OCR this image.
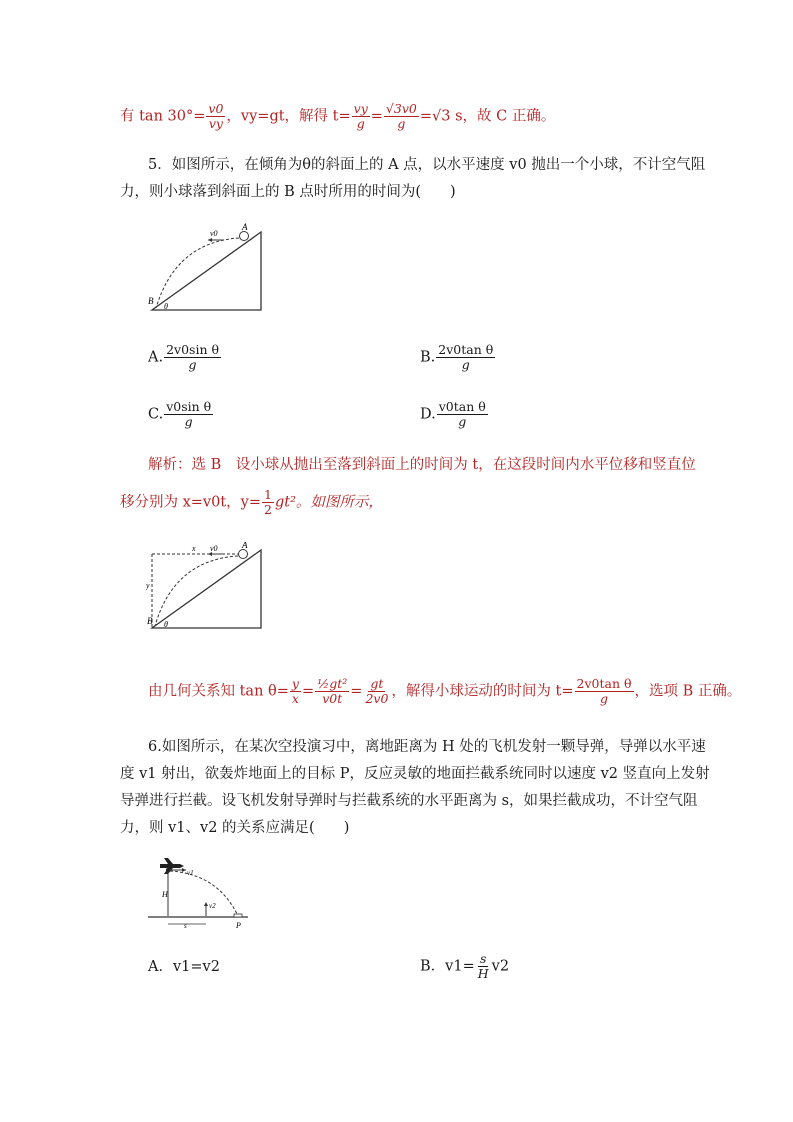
有 $\tan 30^\circ= \frac{v0}{vy}$ ，vy=gt，解得 $t= \frac{vy}{g} = \frac{√3v0}{g} =√3$ s，故 C 正确。
5．如图所示，在倾角为θ的斜面上的 A 点，以水平速度 v0 抛出一个小球，不计空气阻
力，则小球落到斜面上的 B 点时所用的时间为(　　)
v0
A
B
θ
A. $\frac{\text{2v0sin θ}}{g}$	B. $\frac{\text{2v0tan θ}}{g}$
C. $\frac{\text{v0sin θ}}{g}$	D. $\frac{\text{v0tan θ}}{g}$
解析：选 B　设小球从抛出至落到斜面上的时间为 t，在这段时间内水平位移和竖直位
移分别为 x=v0t，$y= \frac{1}{2} gt^2$。如图所示，
x v0	A
y
B θ
由几何关系知 $\tan \theta= \frac{y}{x} = \frac{\text{½gt²}}{v0t} = \frac{gt}{2v0}$ ，解得小球运动的时间为 $t= \frac{\text{2v0tan θ}}{g}$ ，选项 B 正确。
6.如图所示，在某次空投演习中，离地距离为 H 处的飞机发射一颗导弹，导弹以水平速
度 v1 射出，欲轰炸地面上的目标 P，反应灵敏的地面拦截系统同时以速度 v2 竖直向上发射
导弹进行拦截。设飞机发射导弹时与拦截系统的水平距离为 s，如果拦截成功，不计空气阻
力，则 v1、v2 的关系应满足(　　)
v1
H
v2
s	P
A．v1=v2	B．$v1= \frac{s}{H} v2$
